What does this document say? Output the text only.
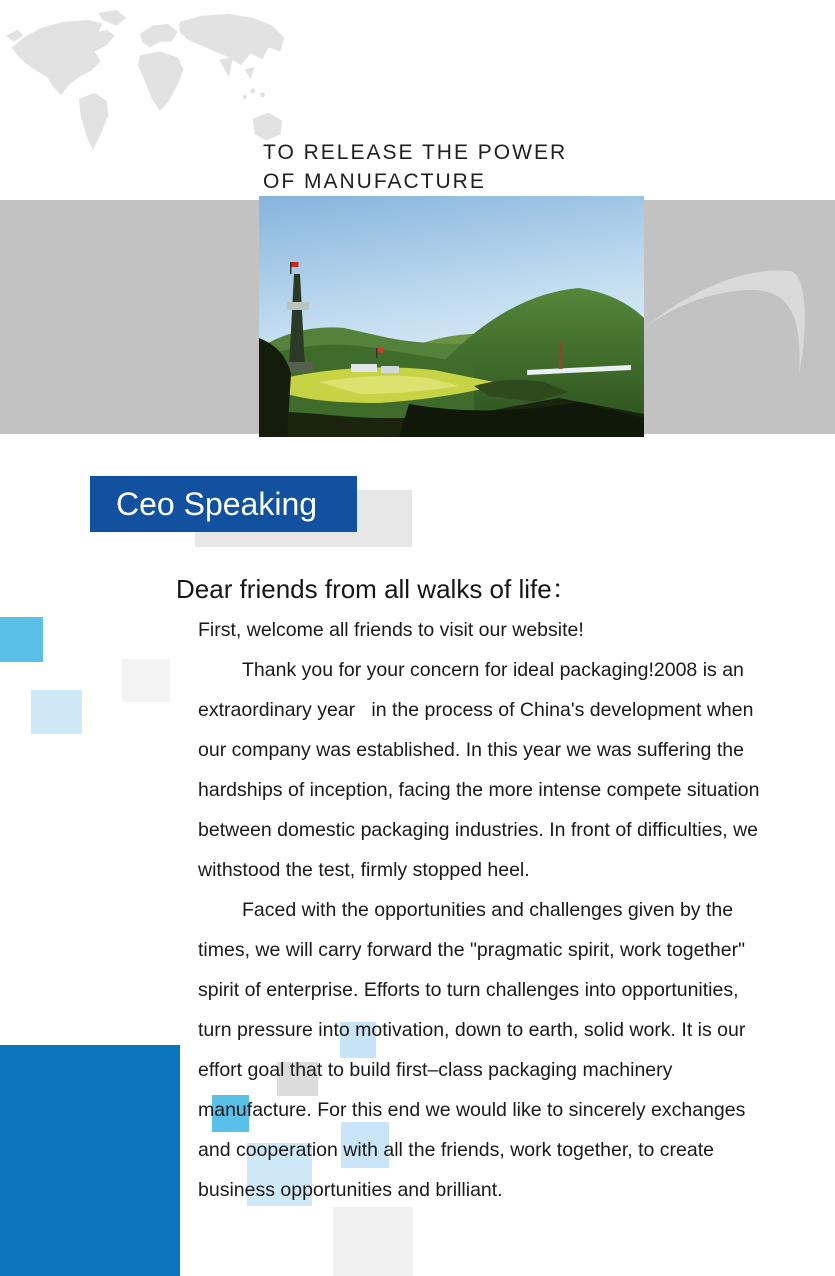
TO RELEASE THE POWER
OF MANUFACTURE
Ceo Speaking
Dear friends from all walks of life：
First, welcome all friends to visit our website!
Thank you for your concern for ideal packaging!2008 is an
extraordinary year   in the process of China's development when
our company was established. In this year we was suffering the
hardships of inception, facing the more intense compete situation
between domestic packaging industries. In front of difficulties, we
withstood the test, firmly stopped heel.
Faced with the opportunities and challenges given by the
times, we will carry forward the "pragmatic spirit, work together"
spirit of enterprise. Efforts to turn challenges into opportunities,
turn pressure into motivation, down to earth, solid work. It is our
effort goal that to build first–class packaging machinery
manufacture. For this end we would like to sincerely exchanges
and cooperation with all the friends, work together, to create
business opportunities and brilliant.
